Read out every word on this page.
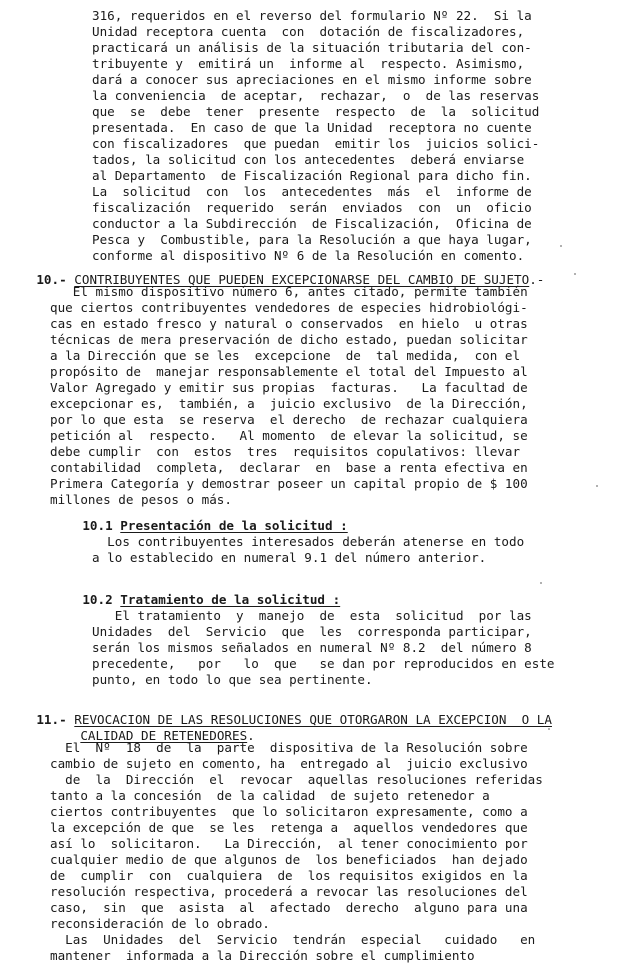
316, requeridos en el reverso del formulario Nº 22.  Si la
Unidad receptora cuenta  con  dotación de fiscalizadores,
practicará un análisis de la situación tributaria del con-
tribuyente y  emitirá un  informe al  respecto. Asimismo,
dará a conocer sus apreciaciones en el mismo informe sobre
la conveniencia  de aceptar,  rechazar,  o  de las reservas
que  se  debe  tener  presente  respecto  de  la  solicitud
presentada.  En caso de que la Unidad  receptora no cuente
con fiscalizadores  que puedan  emitir los  juicios solici-
tados, la solicitud con los antecedentes  deberá enviarse
al Departamento  de Fiscalización Regional para dicho fin.
La  solicitud  con  los  antecedentes  más  el  informe de
fiscalización  requerido  serán  enviados  con  un  oficio
conductor a la Subdirección  de Fiscalización,  Oficina de
Pesca y  Combustible, para la Resolución a que haya lugar,
conforme al dispositivo Nº 6 de la Resolución en comento.

10.- CONTRIBUYENTES QUE PUEDEN EXCEPCIONARSE DEL CAMBIO DE SUJETO.-

El mismo dispositivo número 6, antes citado, permite también
que ciertos contribuyentes vendedores de especies hidrobiológi-
cas en estado fresco y natural o conservados  en hielo  u otras
técnicas de mera preservación de dicho estado, puedan solicitar
a la Dirección que se les  excepcione  de  tal medida,  con el
propósito de  manejar responsablemente el total del Impuesto al
Valor Agregado y emitir sus propias  facturas.   La facultad de
excepcionar es,  también, a  juicio exclusivo  de la Dirección,
por lo que esta  se reserva  el derecho  de rechazar cualquiera
petición al  respecto.   Al momento  de elevar la solicitud, se
debe cumplir  con  estos  tres  requisitos copulativos: llevar
contabilidad  completa,  declarar  en  base a renta efectiva en
Primera Categoría y demostrar poseer un capital propio de $ 100
millones de pesos o más.

10.1 Presentación de la solicitud :

Los contribuyentes interesados deberán atenerse en todo
a lo establecido en numeral 9.1 del número anterior.

10.2 Tratamiento de la solicitud :

El tratamiento  y  manejo  de  esta  solicitud  por las
Unidades  del  Servicio  que  les  corresponda participar,
serán los mismos señalados en numeral Nº 8.2  del número 8
precedente,   por   lo  que   se dan por reproducidos en este
punto, en todo lo que sea pertinente.

11.- REVOCACION DE LAS RESOLUCIONES QUE OTORGARON LA EXCEPCION  O LA

CALIDAD DE RETENEDORES.

El  Nº  18  de  la  parte  dispositiva de la Resolución sobre
cambio de sujeto en comento, ha  entregado al  juicio exclusivo
de  la  Dirección  el  revocar  aquellas resoluciones referidas
tanto a la concesión  de la calidad  de sujeto retenedor a
ciertos contribuyentes  que lo solicitaron expresamente, como a
la excepción de que  se les  retenga a  aquellos vendedores que
así lo  solicitaron.   La Dirección,  al tener conocimiento por
cualquier medio de que algunos de  los beneficiados  han dejado
de  cumplir  con  cualquiera  de  los requisitos exigidos en la
resolución respectiva, procederá a revocar las resoluciones del
caso,  sin  que  asista  al  afectado  derecho  alguno para una
reconsideración de lo obrado.
Las  Unidades  del  Servicio  tendrán  especial   cuidado   en
mantener  informada a la Dirección sobre el cumplimiento
